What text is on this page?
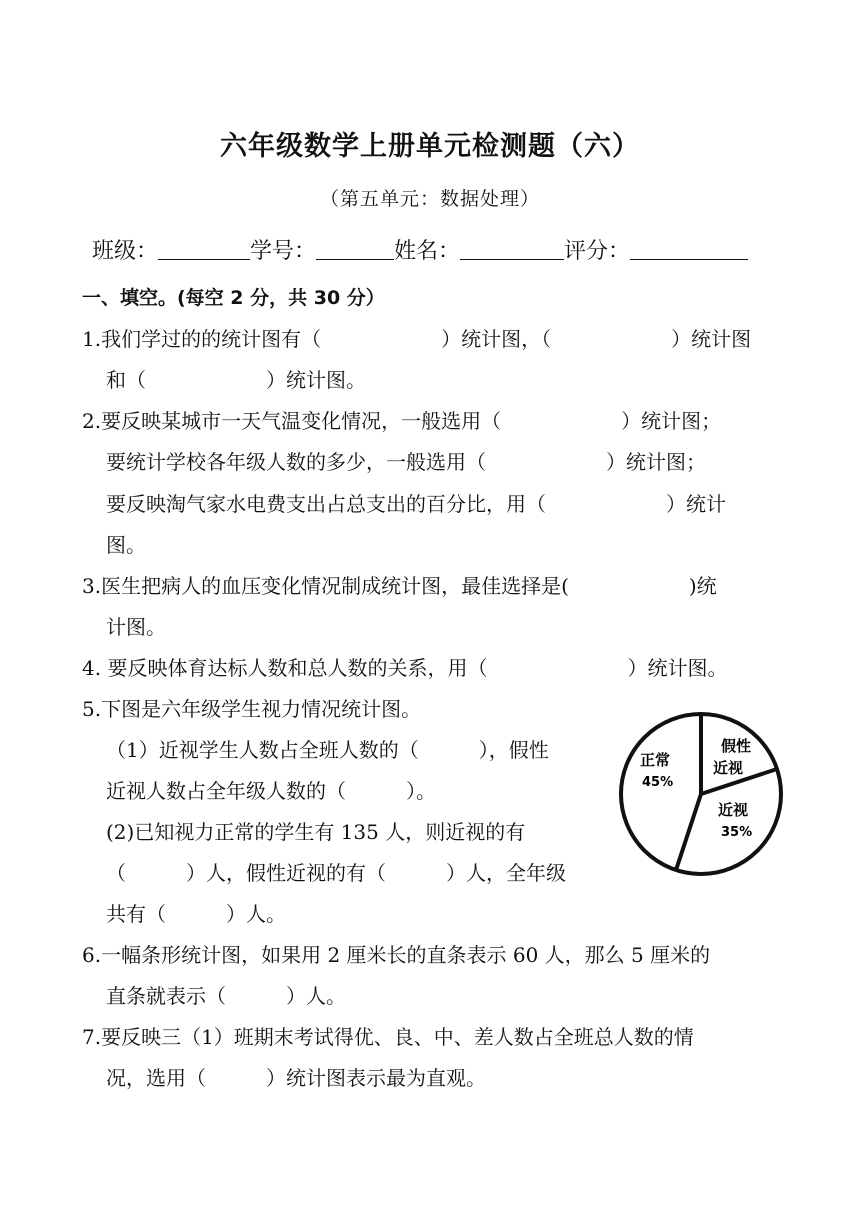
六年级数学上册单元检测题（六）
（第五单元：数据处理）
班级：	学号：	姓名：	评分：
一、填空。(每空 2 分，共 30 分）
1.我们学过的的统计图有（　　　　　　）统计图，（　　　　　　）统计图
和（　　　　　　）统计图。
2.要反映某城市一天气温变化情况，一般选用（　　　　　　）统计图；
要统计学校各年级人数的多少，一般选用（　　　　　　）统计图；
要反映淘气家水电费支出占总支出的百分比，用（　　　　　　）统计
图。
3.医生把病人的血压变化情况制成统计图，最佳选择是(　　　　　　)统
计图。
4. 要反映体育达标人数和总人数的关系，用（　　　　　　　）统计图。
5.下图是六年级学生视力情况统计图。
（1）近视学生人数占全班人数的（　　　），假性
近视人数占全年级人数的（　　　）。
(2)已知视力正常的学生有 135 人，则近视的有
（　　　）人，假性近视的有（　　　）人，全年级
共有（　　　）人。
正常
45%
近视
35%
假性
近视
6.一幅条形统计图，如果用 2 厘米长的直条表示 60 人，那么 5 厘米的
直条就表示（　　　）人。
7.要反映三（1）班期末考试得优、良、中、差人数占全班总人数的情
况，选用（　　　）统计图表示最为直观。
